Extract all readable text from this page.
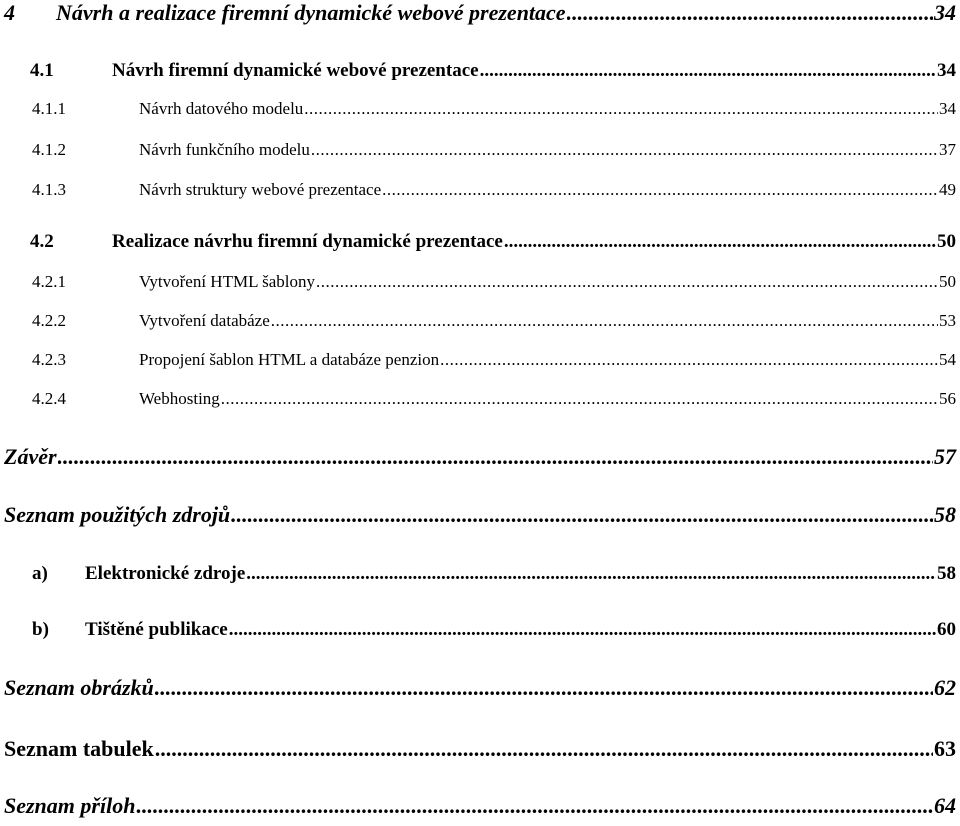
4	Návrh a realizace firemní dynamické webové prezentace .....	34
4.1	Návrh firemní dynamické webové prezentace .....	34
4.1.1	Návrh datového modelu .....	34
4.1.2	Návrh funkčního modelu .....	37
4.1.3	Návrh struktury webové prezentace .....	49
4.2	Realizace návrhu firemní dynamické prezentace .....	50
4.2.1	Vytvoření HTML šablony .....	50
4.2.2	Vytvoření databáze .....	53
4.2.3	Propojení šablon HTML a databáze penzion .....	54
4.2.4	Webhosting .....	56
Závěr .....	57
Seznam použitých zdrojů .....	58
a)	Elektronické zdroje .....	58
b)	Tištěné publikace .....	60
Seznam obrázků .....	62
Seznam tabulek .....	63
Seznam příloh .....	64
